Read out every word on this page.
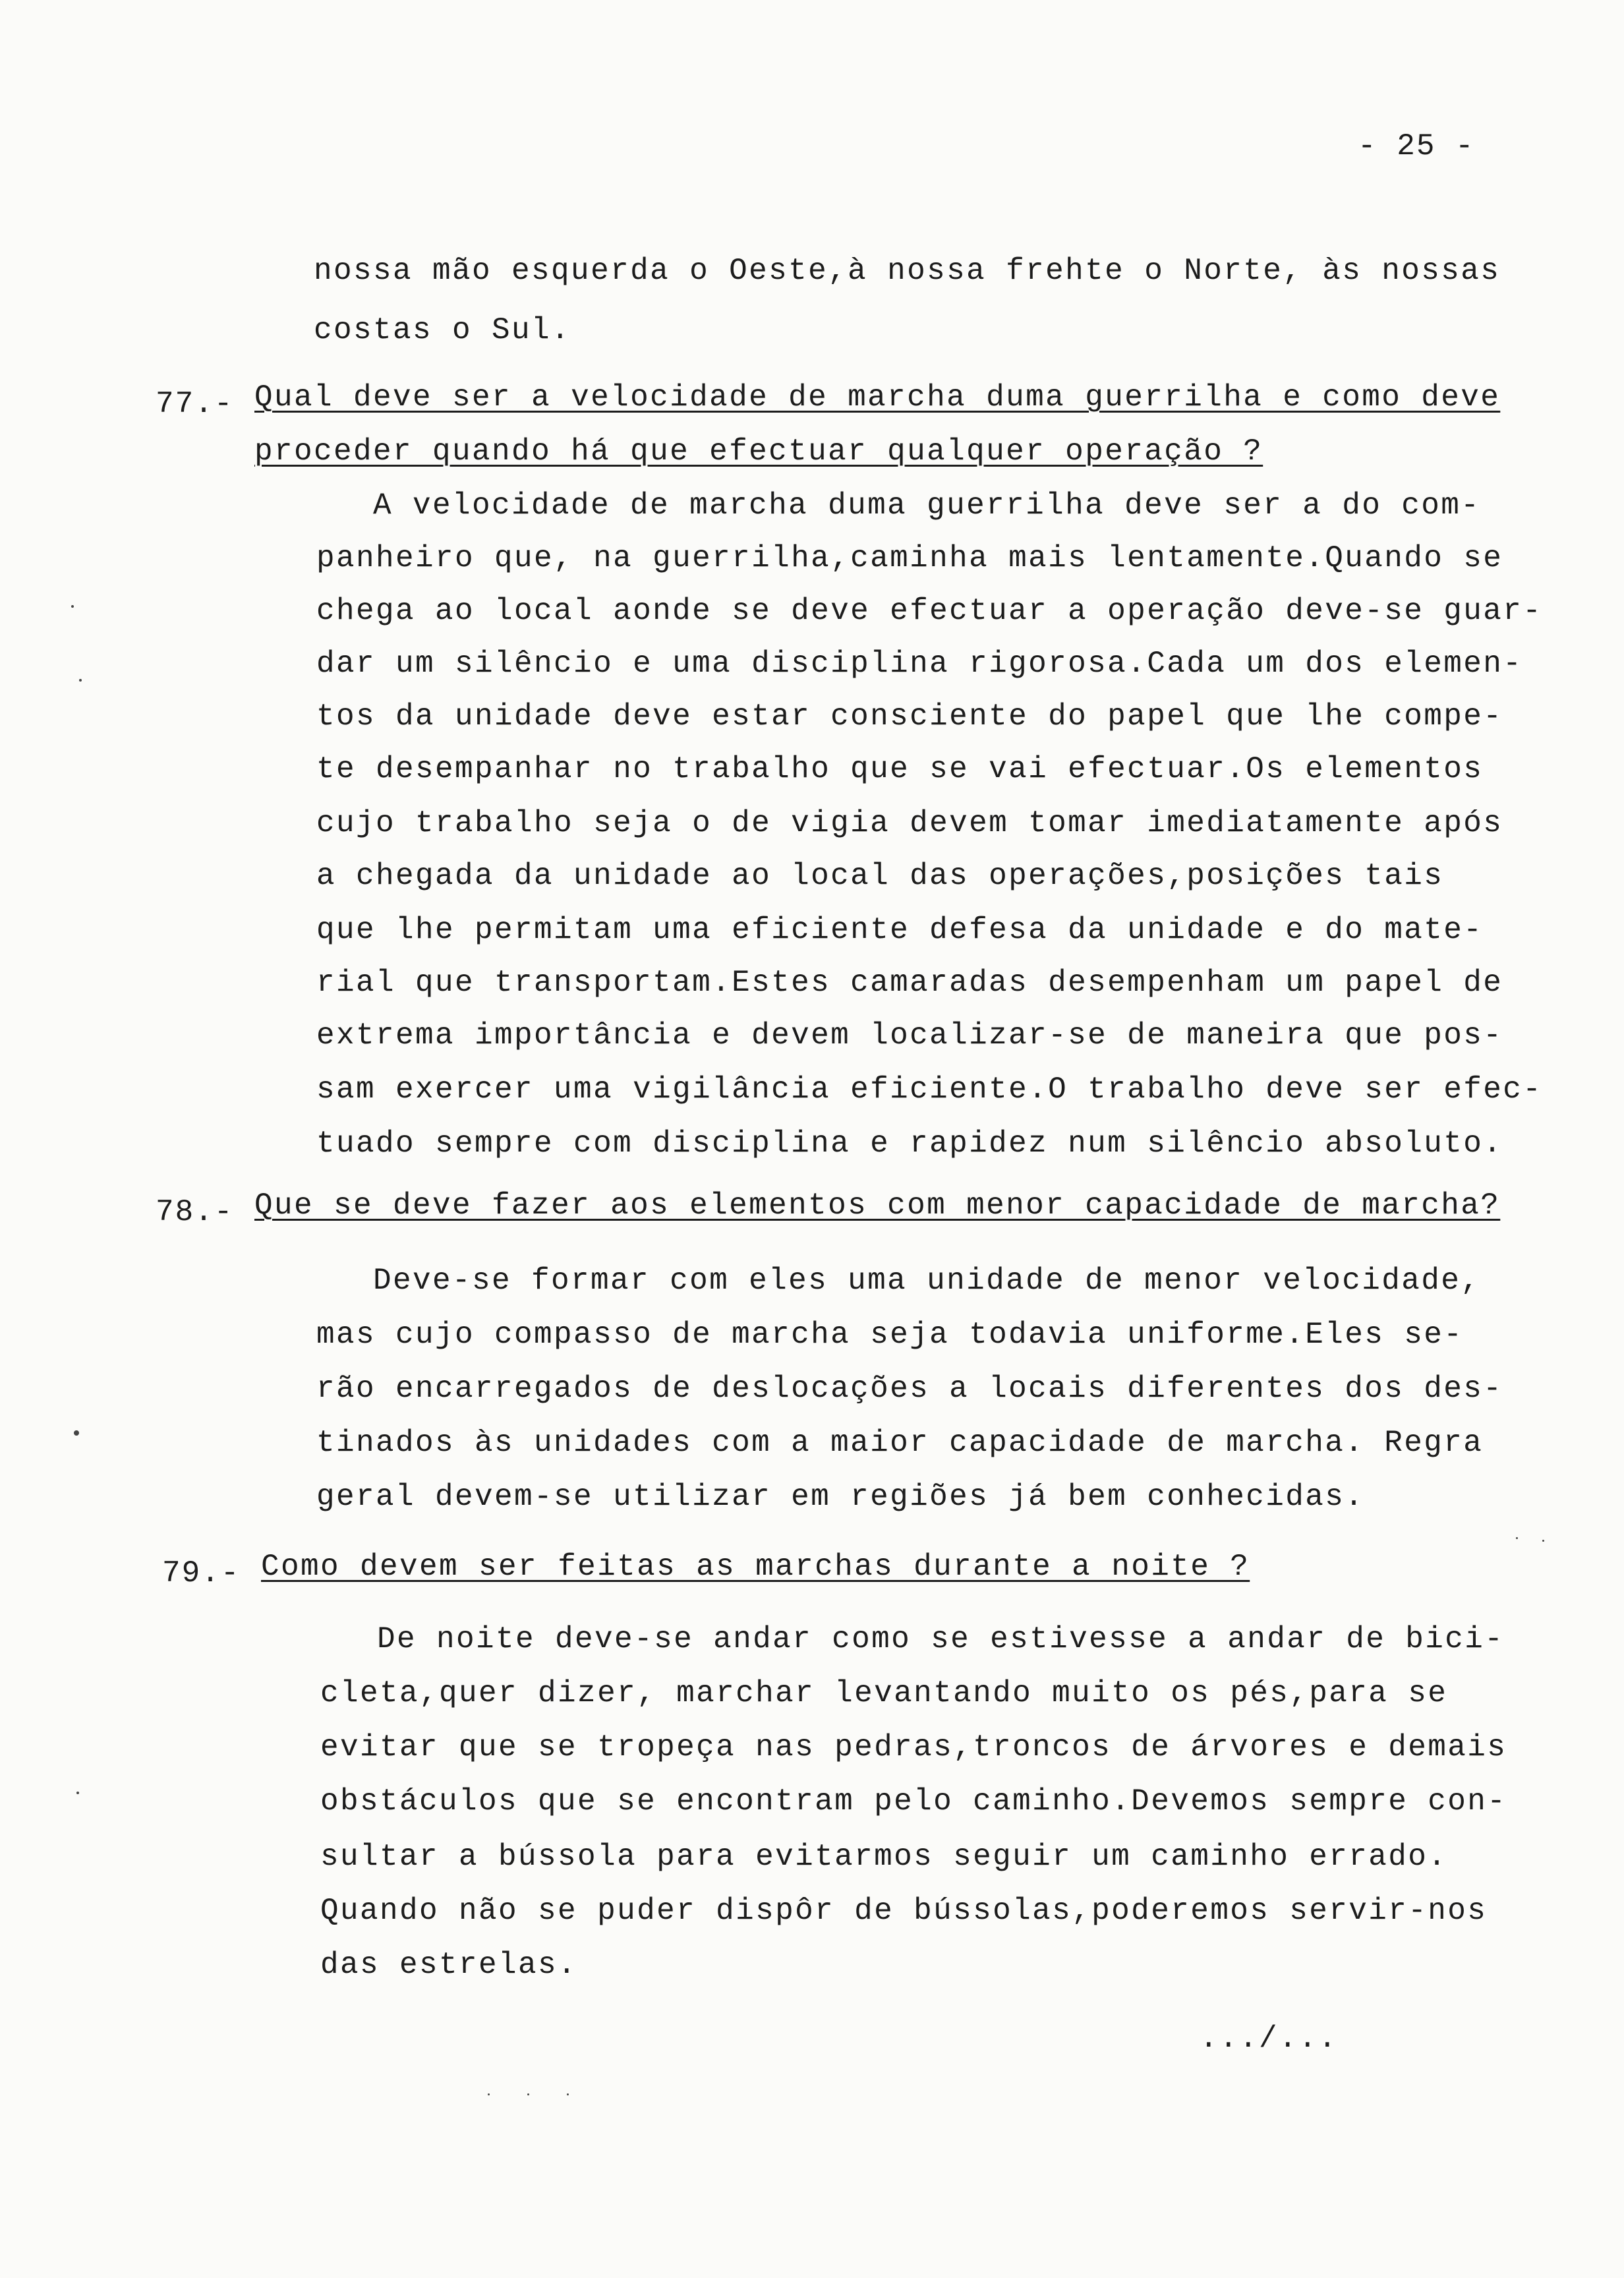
- 25 -
nossa mão esquerda o Oeste,à nossa frehte o Norte, às nossas
costas o Sul.
77.- Qual deve ser a velocidade de marcha duma guerrilha e como deve
proceder quando há que efectuar qualquer operação ?
A velocidade de marcha duma guerrilha deve ser a do com-
panheiro que, na guerrilha,caminha mais lentamente.Quando se
chega ao local aonde se deve efectuar a operação deve-se guar-
dar um silêncio e uma disciplina rigorosa.Cada um dos elemen-
tos da unidade deve estar consciente do papel que lhe compe-
te desempanhar no trabalho que se vai efectuar.Os elementos
cujo trabalho seja o de vigia devem tomar imediatamente após
a chegada da unidade ao local das operações,posições tais
que lhe permitam uma eficiente defesa da unidade e do mate-
rial que transportam.Estes camaradas desempenham um papel de
extrema importância e devem localizar-se de maneira que pos-
sam exercer uma vigilância eficiente.O trabalho deve ser efec-
tuado sempre com disciplina e rapidez num silêncio absoluto.
78.- Que se deve fazer aos elementos com menor capacidade de marcha?
Deve-se formar com eles uma unidade de menor velocidade,
mas cujo compasso de marcha seja todavia uniforme.Eles se-
rão encarregados de deslocações a locais diferentes dos des-
tinados às unidades com a maior capacidade de marcha. Regra
geral devem-se utilizar em regiões já bem conhecidas.
79.- Como devem ser feitas as marchas durante a noite ?
De noite deve-se andar como se estivesse a andar de bici-
cleta,quer dizer, marchar levantando muito os pés,para se
evitar que se tropeça nas pedras,troncos de árvores e demais
obstáculos que se encontram pelo caminho.Devemos sempre con-
sultar a bússola para evitarmos seguir um caminho errado.
Quando não se puder dispôr de bússolas,poderemos servir-nos
das estrelas.
.../...
